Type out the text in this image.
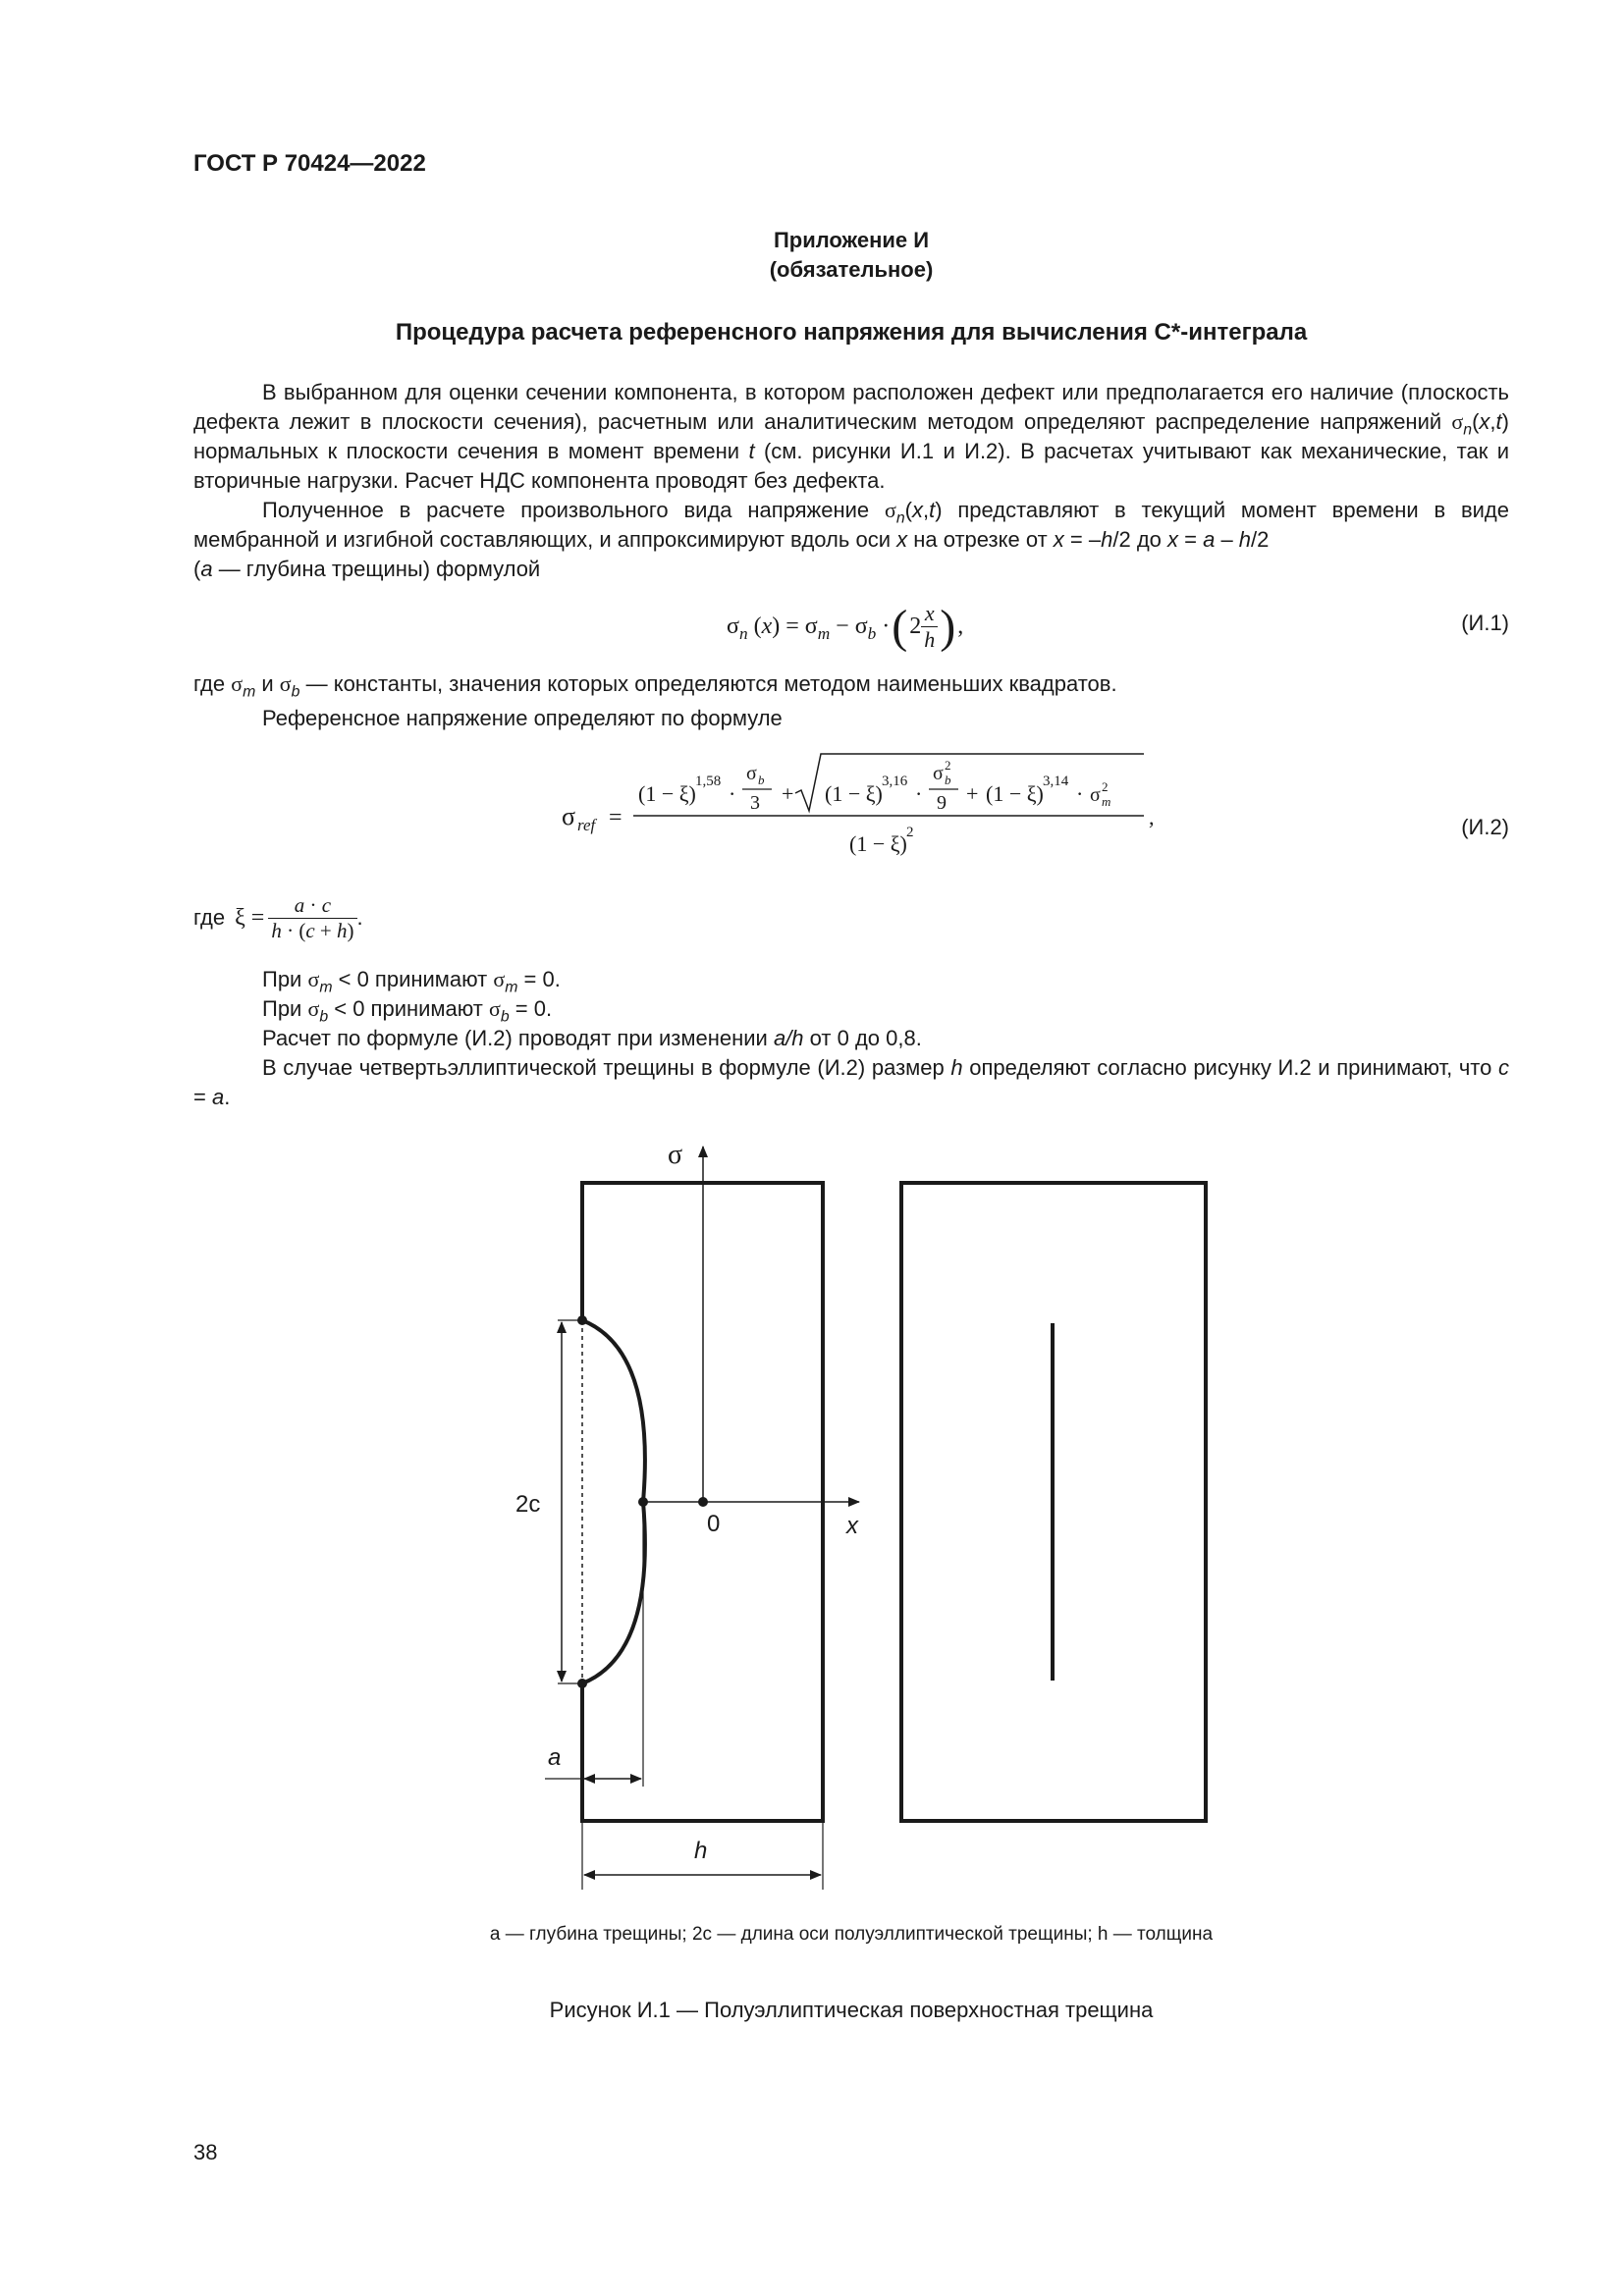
ГОСТ Р 70424—2022
Приложение И
(обязательное)
Процедура расчета референсного напряжения для вычисления C*-интеграла

В выбранном для оценки сечении компонента, в котором расположен дефект или предполагается его наличие (плоскость дефекта лежит в плоскости сечения), расчетным или аналитическим методом определяют распределение напряжений $\sigma_n(x,t)$ нормальных к плоскости сечения в момент времени t (см. рисунки И.1 и И.2). В расчетах учитывают как механические, так и вторичные нагрузки. Расчет НДС компонента проводят без дефекта.

Полученное в расчете произвольного вида напряжение $\sigma_n(x,t)$ представляют в текущий момент времени в виде мембранной и изгибной составляющих, и аппроксимируют вдоль оси x на отрезке от x = –h/2 до x = a – h/2
(a — глубина трещины) формулой

$\sigma_n$ $(x) = \sigma_m - \sigma_b$ · ( $2 \frac{x}{h}$ ) ,	(И.1)

где $\sigma_m$ и $\sigma_b$ — константы, значения которых определяются методом наименьших квадратов.

Референсное напряжение определяют по формуле

σ ref =
(1 − ξ) 1,58 ·
σ b
3 + (1 − ξ) 3,16 ·
σ 2
b
9 + (1 − ξ) 3,14 · σ 2
m
(1 − ξ) 2
,	(И.2)
где $\xi = \frac{a \cdot c}{h \cdot (c + h)}$ .

При $\sigma_m < 0$ принимают $\sigma_m = 0$.

При $\sigma_b < 0$ принимают $\sigma_b = 0$.

Расчет по формуле (И.2) проводят при изменении a/h от 0 до 0,8.

В случае четвертьэллиптической трещины в формуле (И.2) размер h определяют согласно рисунку И.2 и принимают, что c = a.

σ
2c
0	x
a
h
a — глубина трещины; 2c — длина оси полуэллиптической трещины; h — толщина
Рисунок И.1 — Полуэллиптическая поверхностная трещина
38
